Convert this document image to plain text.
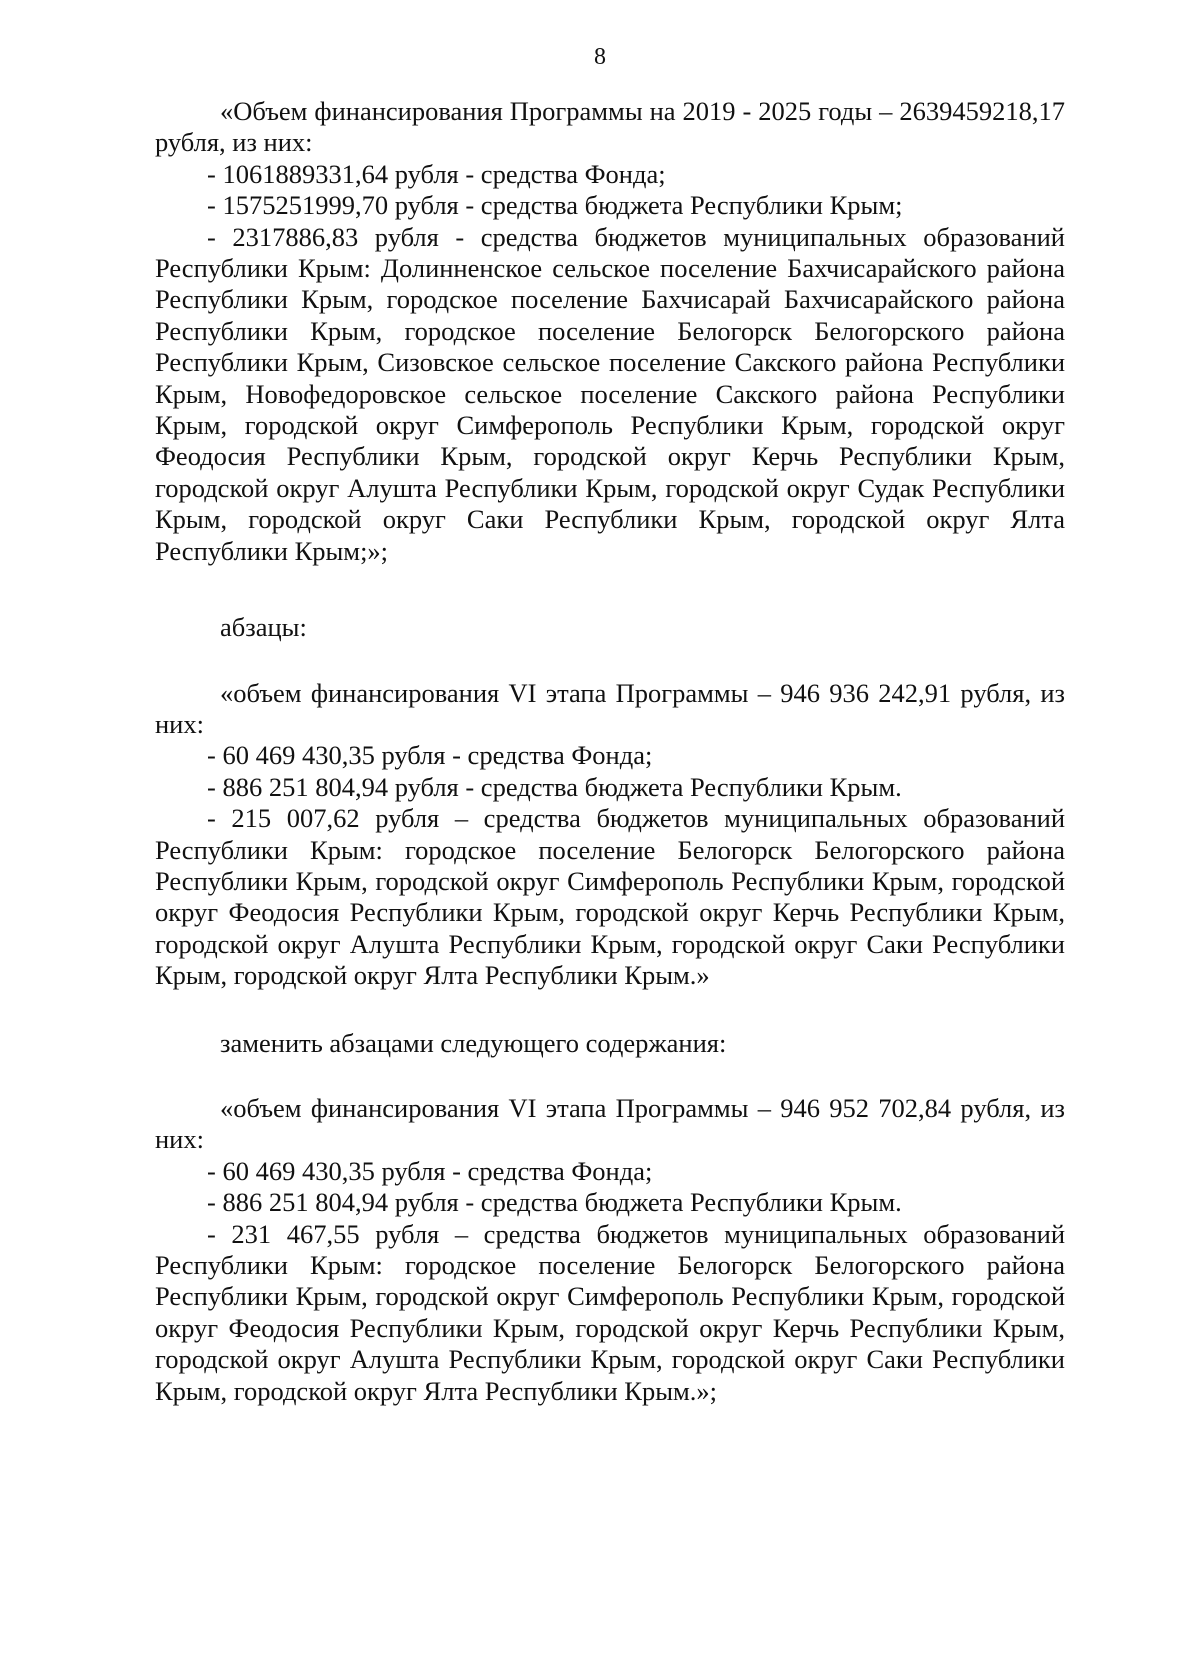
8

«Объем финансирования Программы на 2019 - 2025 годы – 2639459218,17 рубля, из них:

- 1061889331,64 рубля - средства Фонда;

- 1575251999,70 рубля - средства бюджета Республики Крым;

- 2317886,83 рубля - средства бюджетов муниципальных образований Республики Крым: Долинненское сельское поселение Бахчисарайского района Республики Крым, городское поселение Бахчисарай Бахчисарайского района Республики Крым, городское поселение Белогорск Белогорского района Республики Крым, Сизовское сельское поселение Сакского района Республики Крым, Новофедоровское сельское поселение Сакского района Республики Крым, городской округ Симферополь Республики Крым, городской округ Феодосия Республики Крым, городской округ Керчь Республики Крым, городской округ Алушта Республики Крым, городской округ Судак Республики Крым, городской округ Саки Республики Крым, городской округ Ялта Республики Крым;»;

абзацы:

«объем финансирования VI этапа Программы – 946 936 242,91 рубля, из них:

- 60 469 430,35 рубля - средства Фонда;

- 886 251 804,94 рубля - средства бюджета Республики Крым.

- 215 007,62 рубля – средства бюджетов муниципальных образований Республики Крым: городское поселение Белогорск Белогорского района Республики Крым, городской округ Симферополь Республики Крым, городской округ Феодосия Республики Крым, городской округ Керчь Республики Крым, городской округ Алушта Республики Крым, городской округ Саки Республики Крым, городской округ Ялта Республики Крым.»

заменить абзацами следующего содержания:

«объем финансирования VI этапа Программы – 946 952 702,84 рубля, из них:

- 60 469 430,35 рубля - средства Фонда;

- 886 251 804,94 рубля - средства бюджета Республики Крым.

- 231 467,55 рубля – средства бюджетов муниципальных образований Республики Крым: городское поселение Белогорск Белогорского района Республики Крым, городской округ Симферополь Республики Крым, городской округ Феодосия Республики Крым, городской округ Керчь Республики Крым, городской округ Алушта Республики Крым, городской округ Саки Республики Крым, городской округ Ялта Республики Крым.»;
